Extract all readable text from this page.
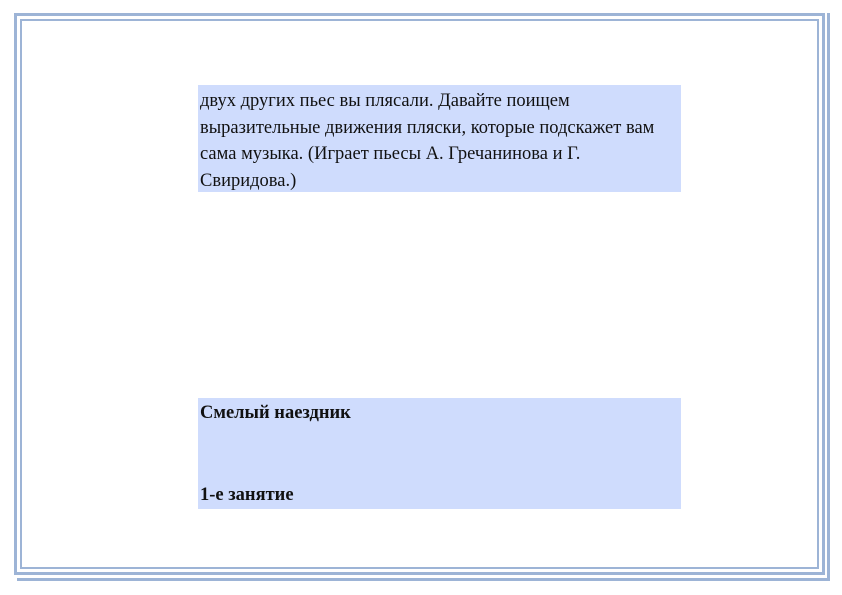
двух других пьес вы плясали. Давайте поищем выразительные движения пляски, которые подскажет вам сама музыка. (Играет пьесы А. Гречанинова и Г. Свиридова.)
Смелый наездник
1-е занятие
